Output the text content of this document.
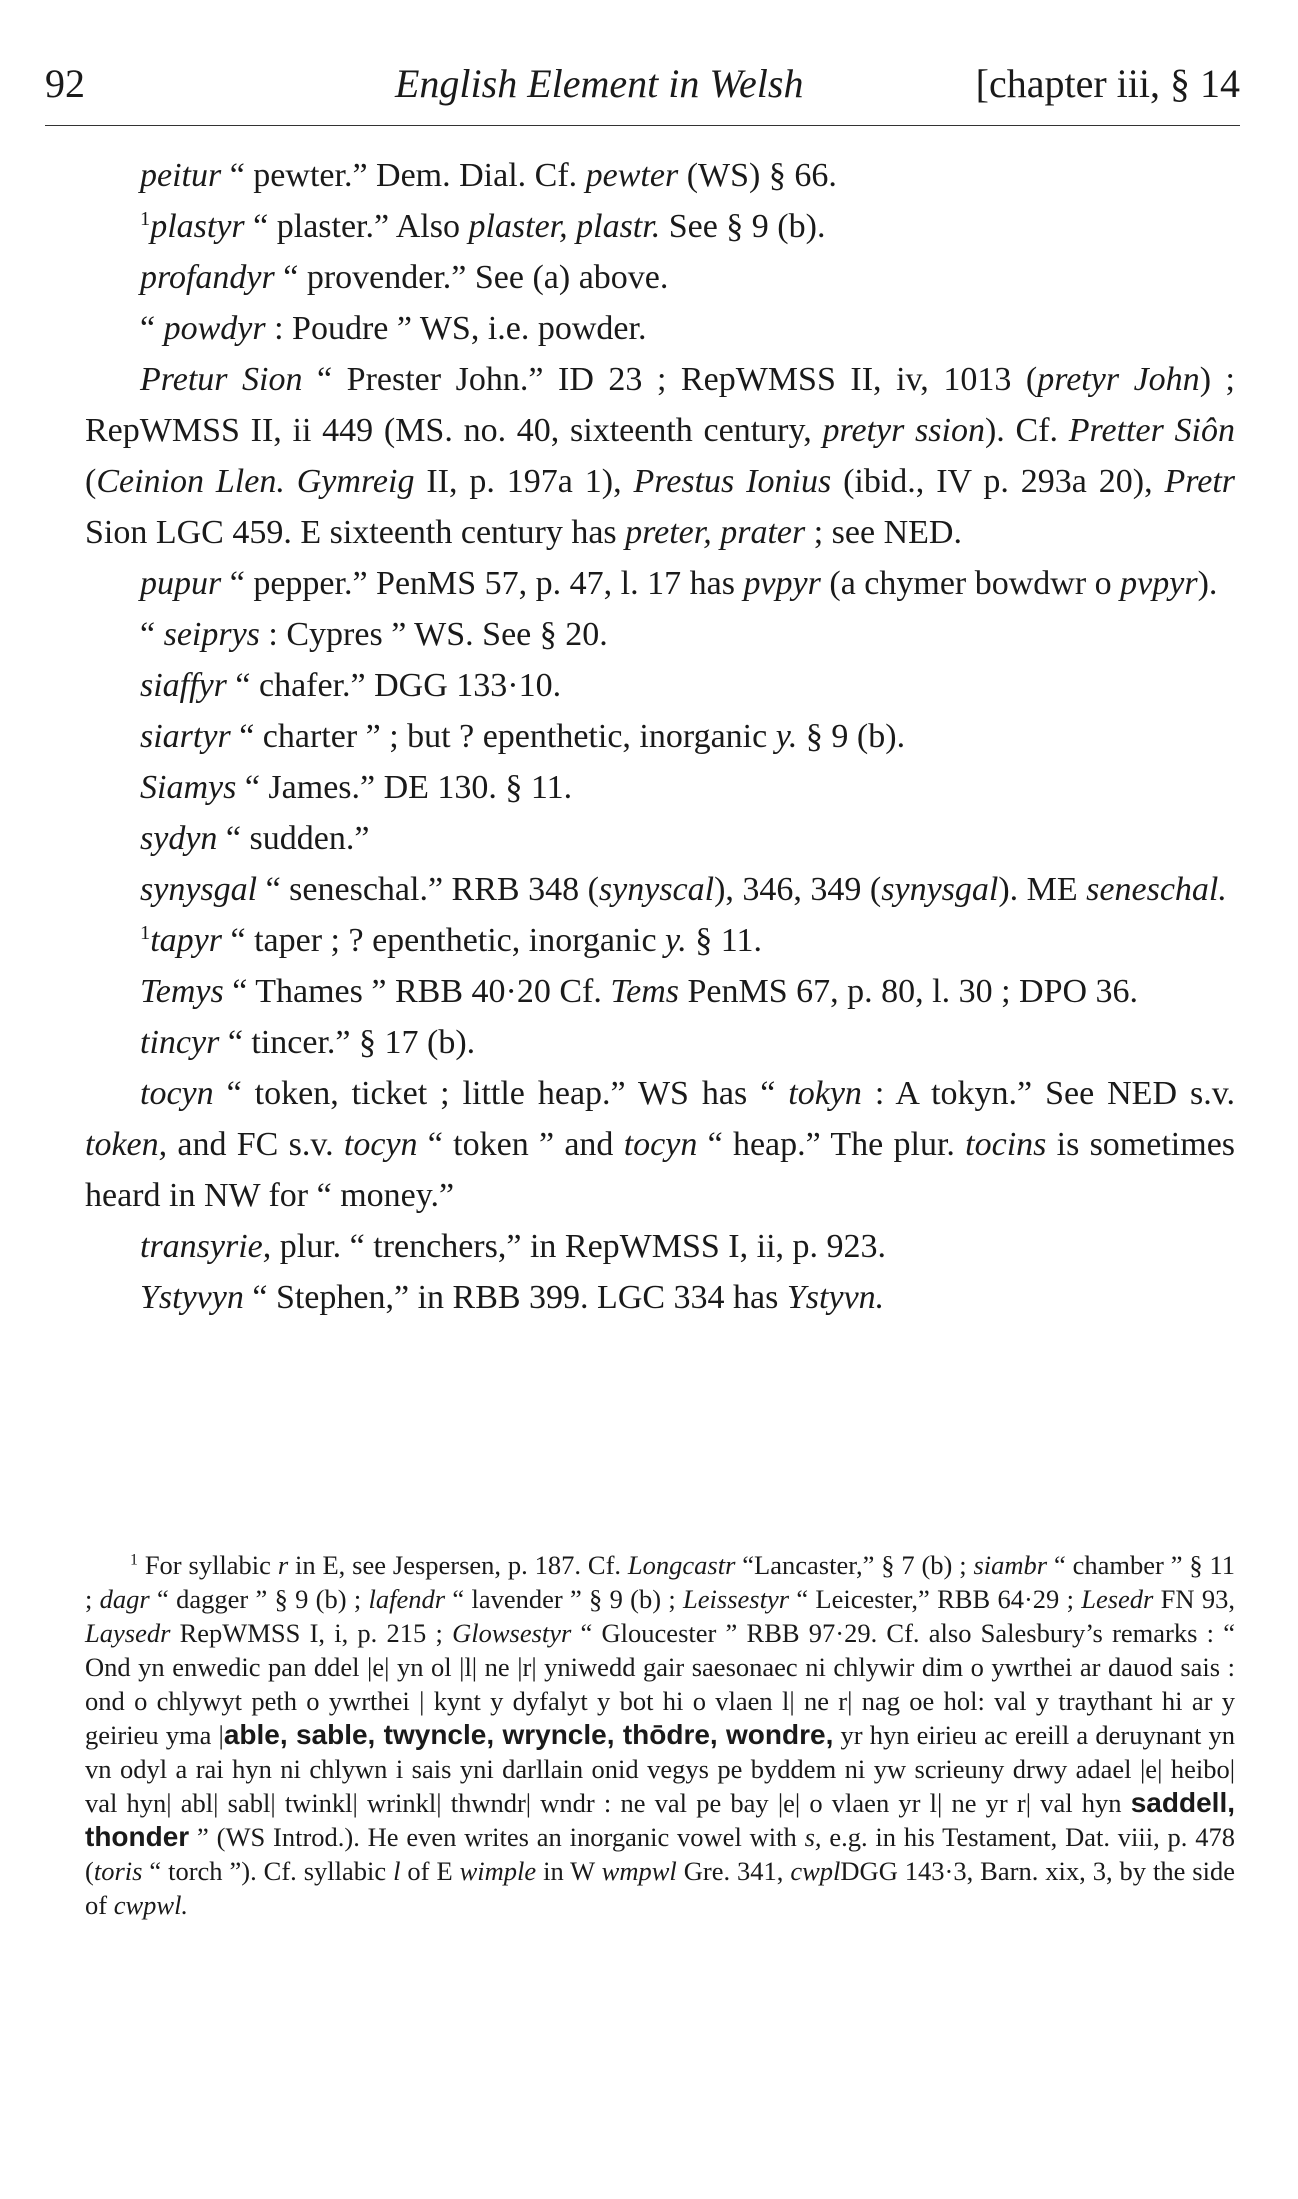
92	English Element in Welsh	[chapter iii, § 14

peitur “ pewter.” Dem. Dial. Cf. pewter (WS) § 66.

$^1$plastyr “ plaster.” Also plaster, plastr. See § 9 (b).

profandyr “ provender.” See (a) above.

“ powdyr : Poudre ” WS, i.e. powder.

Pretur Sion “ Prester John.” ID 23 ; RepWMSS II, iv, 1013 (pretyr John) ; RepWMSS II, ii 449 (MS. no. 40, sixteenth century, pretyr ssion). Cf. Pretter Siôn (Ceinion Llen. Gymreig II, p. 197a 1), Prestus Ionius (ibid., IV p. 293a 20), Pretr Sion LGC 459. E sixteenth century has preter, prater ; see NED.

pupur “ pepper.” PenMS 57, p. 47, l. 17 has pvpyr (a chymer bowdwr o pvpyr).

“ seiprys : Cypres ” WS. See § 20.

siaffyr “ chafer.” DGG 133·10.

siartyr “ charter ” ; but ? epenthetic, inorganic y. § 9 (b).

Siamys “ James.” DE 130. § 11.

sydyn “ sudden.”

synysgal “ seneschal.” RRB 348 (synyscal), 346, 349 (synysgal). ME seneschal.

$^1$tapyr “ taper ; ? epenthetic, inorganic y. § 11.

Temys “ Thames ” RBB 40·20 Cf. Tems PenMS 67, p. 80, l. 30 ; DPO 36.

tincyr “ tincer.” § 17 (b).

tocyn “ token, ticket ; little heap.” WS has “ tokyn : A tokyn.” See NED s.v. token, and FC s.v. tocyn “ token ” and tocyn “ heap.” The plur. tocins is sometimes heard in NW for “ money.”

transyrie, plur. “ trenchers,” in RepWMSS I, ii, p. 923.

Ystyvyn “ Stephen,” in RBB 399. LGC 334 has Ystyvn.

$^1$ For syllabic r in E, see Jespersen, p. 187. Cf. Longcastr “Lancaster,” § 7 (b) ; siambr “ chamber ” § 11 ; dagr “ dagger ” § 9 (b) ; lafendr “ lavender ” § 9 (b) ; Leissestyr “ Leicester,” RBB 64·29 ; Lesedr FN 93, Laysedr RepWMSS I, i, p. 215 ; Glowsestyr “ Gloucester ” RBB 97·29. Cf. also Salesbury’s remarks : “ Ond yn enwedic pan ddel |e| yn ol |l| ne |r| yniwedd gair saesonaec ni chlywir dim o ywrthei ar dauod sais : ond o chlywyt peth o ywrthei | kynt y dyfalyt y bot hi o vlaen l| ne r| nag oe hol: val y traythant hi ar y geirieu yma |able, sable, twyncle, wryncle, thōdre, wondre, yr hyn eirieu ac ereill a deruynant yn vn odyl a rai hyn ni chlywn i sais yni darllain onid vegys pe byddem ni yw scrieuny drwy adael |e| heibo| val hyn| abl| sabl| twinkl| wrinkl| thwndr| wndr : ne val pe bay |e| o vlaen yr l| ne yr r| val hyn saddell, thonder ” (WS Introd.). He even writes an inorganic vowel with s, e.g. in his Testament, Dat. viii, p. 478 (toris “ torch ”). Cf. syllabic l of E wimple in W wmpwl Gre. 341, cwplDGG 143·3, Barn. xix, 3, by the side of cwpwl.
